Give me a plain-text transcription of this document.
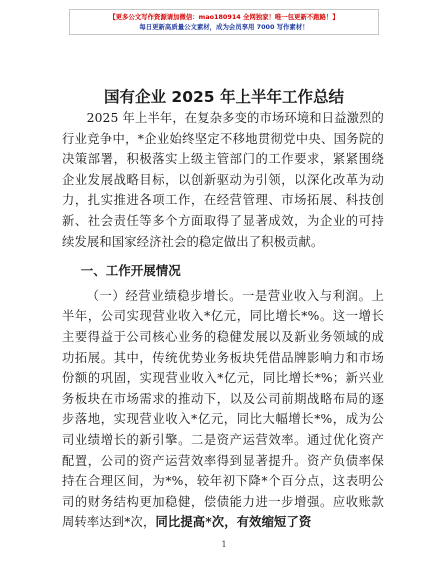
【更多公文写作资源请加微信：mao180914 全网独家！唯一包更新不跑路！】
每日更新高质量公文素材，成为会员享用 7000 写作素材！
国有企业 2025 年上半年工作总结

2025 年上半年，在复杂多变的市场环境和日益激烈的行业竞争中，*企业始终坚定不移地贯彻党中央、国务院的决策部署，积极落实上级主管部门的工作要求，紧紧围绕企业发展战略目标，以创新驱动为引领，以深化改革为动力，扎实推进各项工作，在经营管理、市场拓展、科技创新、社会责任等多个方面取得了显著成效，为企业的可持续发展和国家经济社会的稳定做出了积极贡献。

一、工作开展情况

（一）经营业绩稳步增长。一是营业收入与利润。上半年，公司实现营业收入*亿元，同比增长*%。这一增长主要得益于公司核心业务的稳健发展以及新业务领域的成功拓展。其中，传统优势业务板块凭借品牌影响力和市场份额的巩固，实现营业收入*亿元，同比增长*%；新兴业务板块在市场需求的推动下，以及公司前期战略布局的逐步落地，实现营业收入*亿元，同比大幅增长*%，成为公司业绩增长的新引擎。二是资产运营效率。通过优化资产配置，公司的资产运营效率得到显著提升。资产负债率保持在合理区间，为*%，较年初下降*个百分点，这表明公司的财务结构更加稳健，偿债能力进一步增强。应收账款周转率达到*次，同比提高*次，有效缩短了资

1
